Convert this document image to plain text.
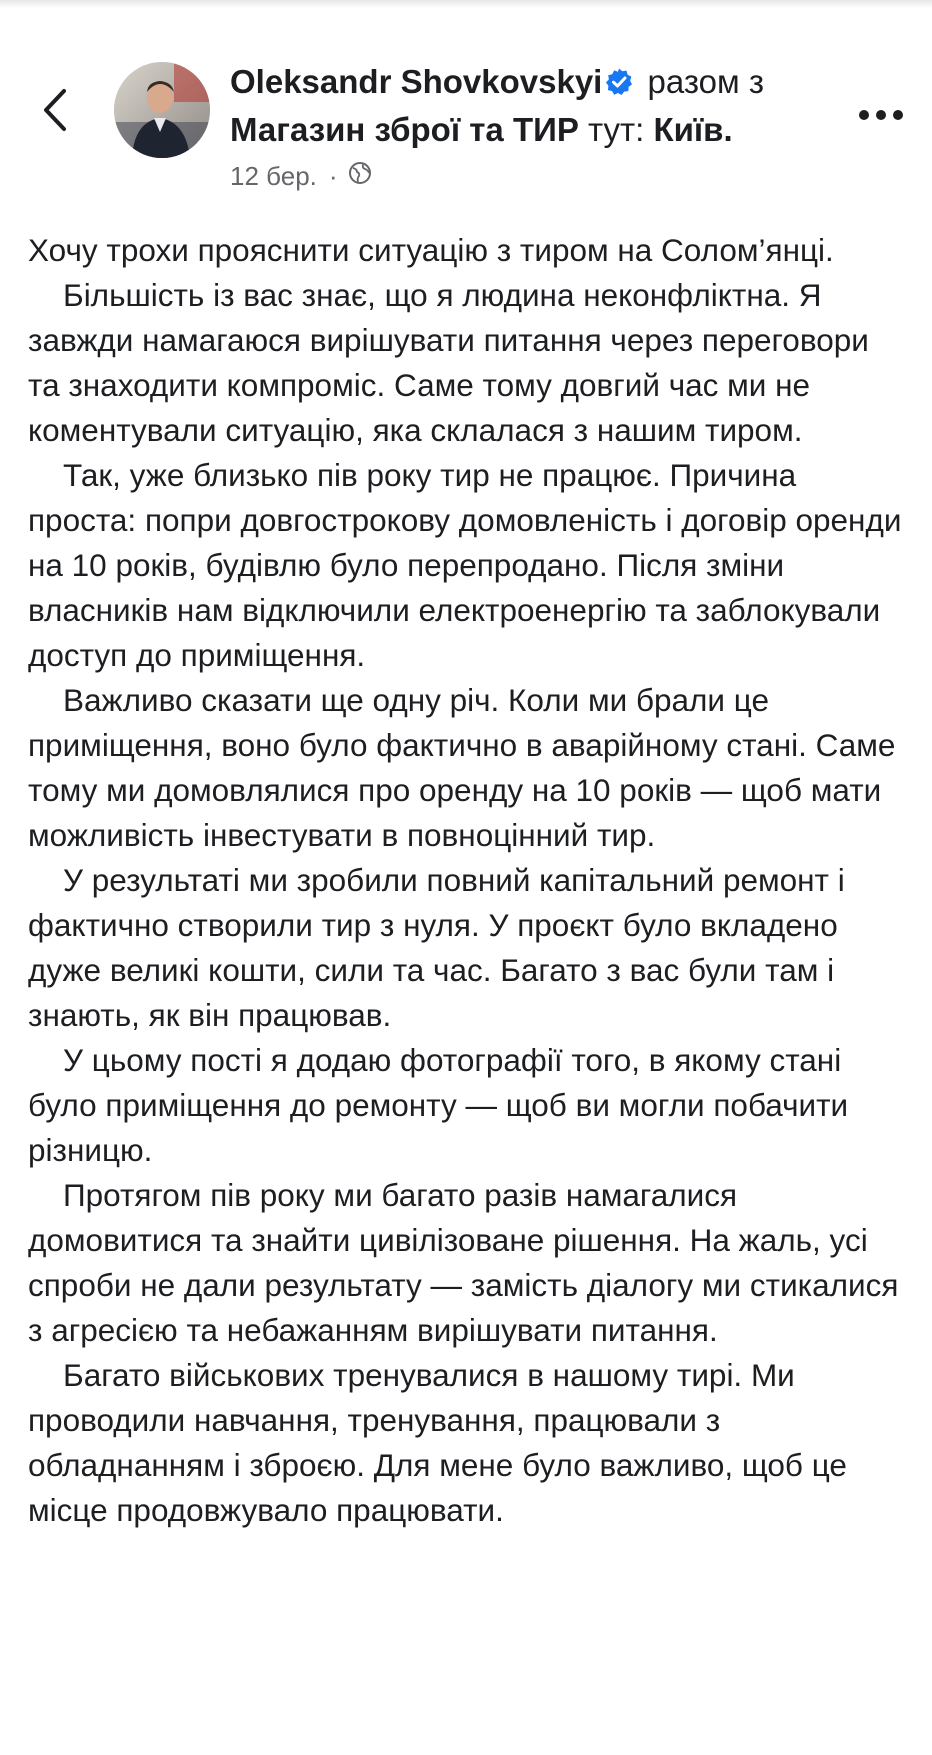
Oleksandr Shovkovskyi разом з
Магазин зброї та ТИР тут: Київ.
12 бер. ·

Хочу трохи прояснити ситуацію з тиром на Солом’янці.

Більшість із вас знає, що я людина неконфліктна. Я завжди намагаюся вирішувати питання через переговори та знаходити компроміс. Саме тому довгий час ми не коментували ситуацію, яка склалася з нашим тиром.

Так, уже близько пів року тир не працює. Причина проста: попри довгострокову домовленість і договір оренди на 10 років, будівлю було перепродано. Після зміни власників нам відключили електроенергію та заблокували доступ до приміщення.

Важливо сказати ще одну річ. Коли ми брали це приміщення, воно було фактично в аварійному стані. Саме тому ми домовлялися про оренду на 10 років — щоб мати можливість інвестувати в повноцінний тир.

У результаті ми зробили повний капітальний ремонт і фактично створили тир з нуля. У проєкт було вкладено дуже великі кошти, сили та час. Багато з вас були там і знають, як він працював.

У цьому пості я додаю фотографії того, в якому стані було приміщення до ремонту — щоб ви могли побачити різницю.

Протягом пів року ми багато разів намагалися домовитися та знайти цивілізоване рішення. На жаль, усі спроби не дали результату — замість діалогу ми стикалися з агресією та небажанням вирішувати питання.

Багато військових тренувалися в нашому тирі. Ми проводили навчання, тренування, працювали з обладнанням і зброєю. Для мене було важливо, щоб це місце продовжувало працювати.
